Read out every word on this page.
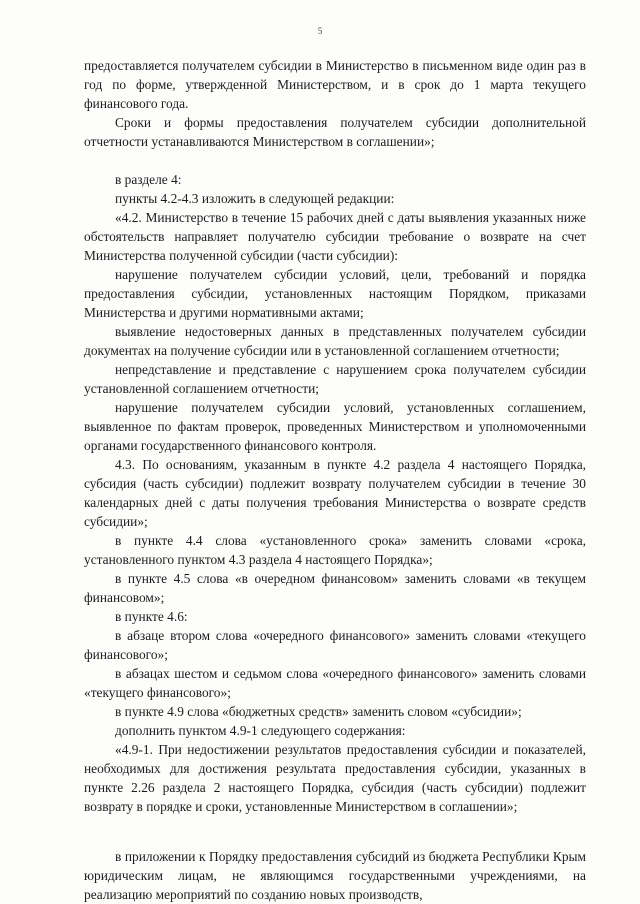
5

предоставляется получателем субсидии в Министерство в письменном виде один раз в год по форме, утвержденной Министерством, и в срок до 1 марта текущего финансового года.

Сроки и формы предоставления получателем субсидии дополнительной отчетности устанавливаются Министерством в соглашении»;

в разделе 4:

пункты 4.2-4.3 изложить в следующей редакции:

«4.2. Министерство в течение 15 рабочих дней с даты выявления указанных ниже обстоятельств направляет получателю субсидии требование о возврате на счет Министерства полученной субсидии (части субсидии):

нарушение получателем субсидии условий, цели, требований и порядка предоставления субсидии, установленных настоящим Порядком, приказами Министерства и другими нормативными актами;

выявление недостоверных данных в представленных получателем субсидии документах на получение субсидии или в установленной соглашением отчетности;

непредставление и представление с нарушением срока получателем субсидии установленной соглашением отчетности;

нарушение получателем субсидии условий, установленных соглашением, выявленное по фактам проверок, проведенных Министерством и уполномоченными органами государственного финансового контроля.

4.3. По основаниям, указанным в пункте 4.2 раздела 4 настоящего Порядка, субсидия (часть субсидии) подлежит возврату получателем субсидии в течение 30 календарных дней с даты получения требования Министерства о возврате средств субсидии»;

в пункте 4.4 слова «установленного срока» заменить словами «срока, установленного пунктом 4.3 раздела 4 настоящего Порядка»;

в пункте 4.5 слова «в очередном финансовом» заменить словами «в текущем финансовом»;

в пункте 4.6:

в абзаце втором слова «очередного финансового» заменить словами «текущего финансового»;

в абзацах шестом и седьмом слова «очередного финансового» заменить словами «текущего финансового»;

в пункте 4.9 слова «бюджетных средств» заменить словом «субсидии»;

дополнить пунктом 4.9-1 следующего содержания:

«4.9-1. При недостижении результатов предоставления субсидии и показателей, необходимых для достижения результата предоставления субсидии, указанных в пункте 2.26 раздела 2 настоящего Порядка, субсидия (часть субсидии) подлежит возврату в порядке и сроки, установленные Министерством в соглашении»;

в приложении к Порядку предоставления субсидий из бюджета Республики Крым юридическим лицам, не являющимся государственными учреждениями, на реализацию мероприятий по созданию новых производств,
